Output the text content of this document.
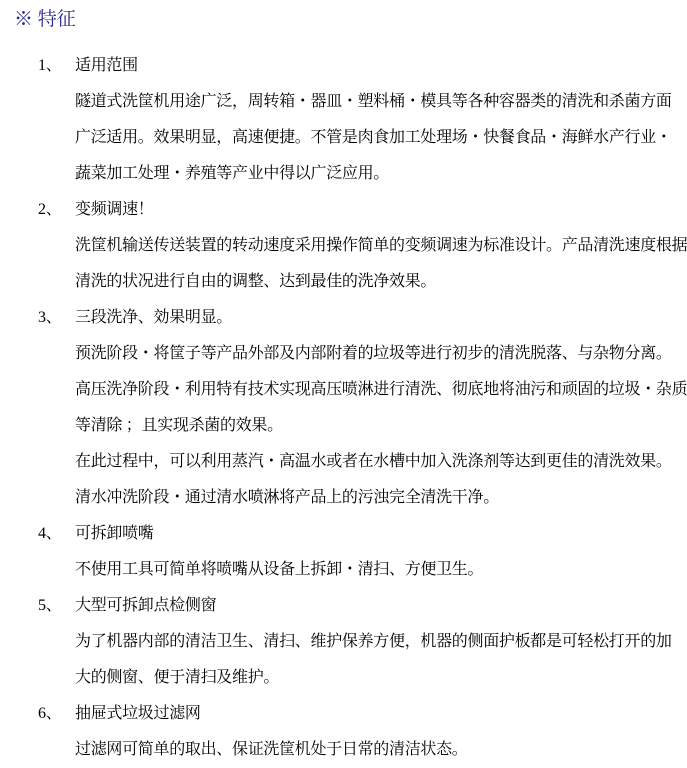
※ 特征
1、 适用范围
隧道式洗筐机用途广泛，周转箱・器皿・塑料桶・模具等各种容器类的清洗和杀菌方面
广泛适用。效果明显，高速便捷。不管是肉食加工处理场・快餐食品・海鲜水产行业・
蔬菜加工处理・养殖等产业中得以广泛应用。
2、 变频调速！
洗筐机输送传送装置的转动速度采用操作简单的变频调速为标准设计。产品清洗速度根据
清洗的状况进行自由的调整、达到最佳的洗净效果。
3、 三段洗净、効果明显。
预洗阶段・将筐子等产品外部及内部附着的垃圾等进行初步的清洗脱落、与杂物分离。
高压洗净阶段・利用特有技术实现高压喷淋进行清洗、彻底地将油污和顽固的垃圾・杂质
等清除 ；且实现杀菌的效果。
在此过程中，可以利用蒸汽・高温水或者在水槽中加入洗涤剂等达到更佳的清洗效果。
清水冲洗阶段・通过清水喷淋将产品上的污浊完全清洗干净。
4、 可拆卸喷嘴
不使用工具可简单将喷嘴从设备上拆卸・清扫、方便卫生。
5、 大型可拆卸点检侧窗
为了机器内部的清洁卫生、清扫、维护保养方便，机器的侧面护板都是可轻松打开的加
大的侧窗、便于清扫及维护。
6、 抽屉式垃圾过滤网
过滤网可简单的取出、保证洗筐机处于日常的清洁状态。
